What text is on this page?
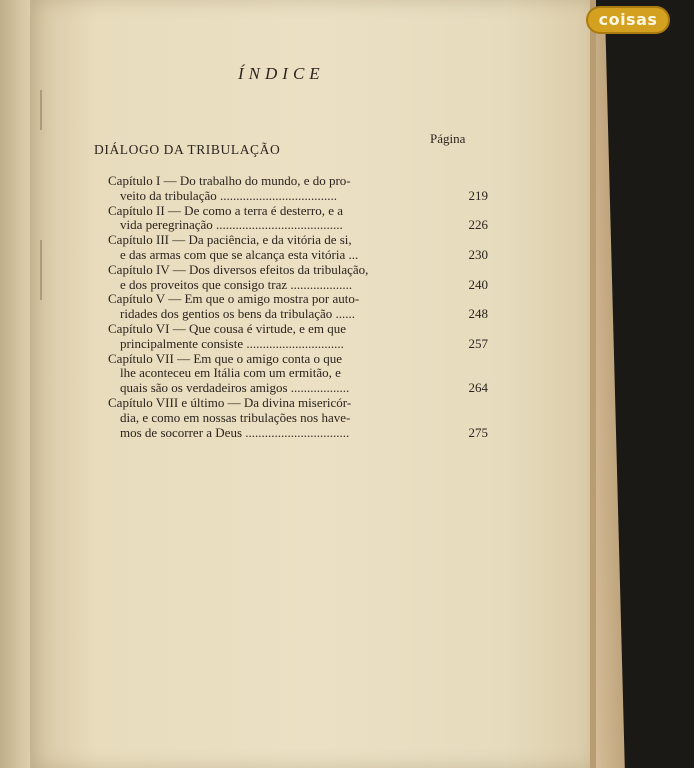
coisas
ÍNDICE
Página
DIÁLOGO DA TRIBULAÇÃO
Capítulo I — Do trabalho do mundo, e do pro-
veito da tribulação ....................................	219
Capítulo II — De como a terra é desterro, e a
vida peregrinação .......................................	226
Capítulo III — Da paciência, e da vitória de si,
e das armas com que se alcança esta vitória ...	230
Capítulo IV — Dos diversos efeitos da tribulação,
e dos proveitos que consigo traz ...................	240
Capítulo V — Em que o amigo mostra por auto-
ridades dos gentios os bens da tribulação ......	248
Capítulo VI — Que cousa é virtude, e em que
principalmente consiste ..............................	257
Capítulo VII — Em que o amigo conta o que
lhe aconteceu em Itália com um ermitão, e
quais são os verdadeiros amigos ..................	264
Capítulo VIII e último — Da divina misericór-
dia, e como em nossas tribulações nos have-
mos de socorrer a Deus ................................	275
